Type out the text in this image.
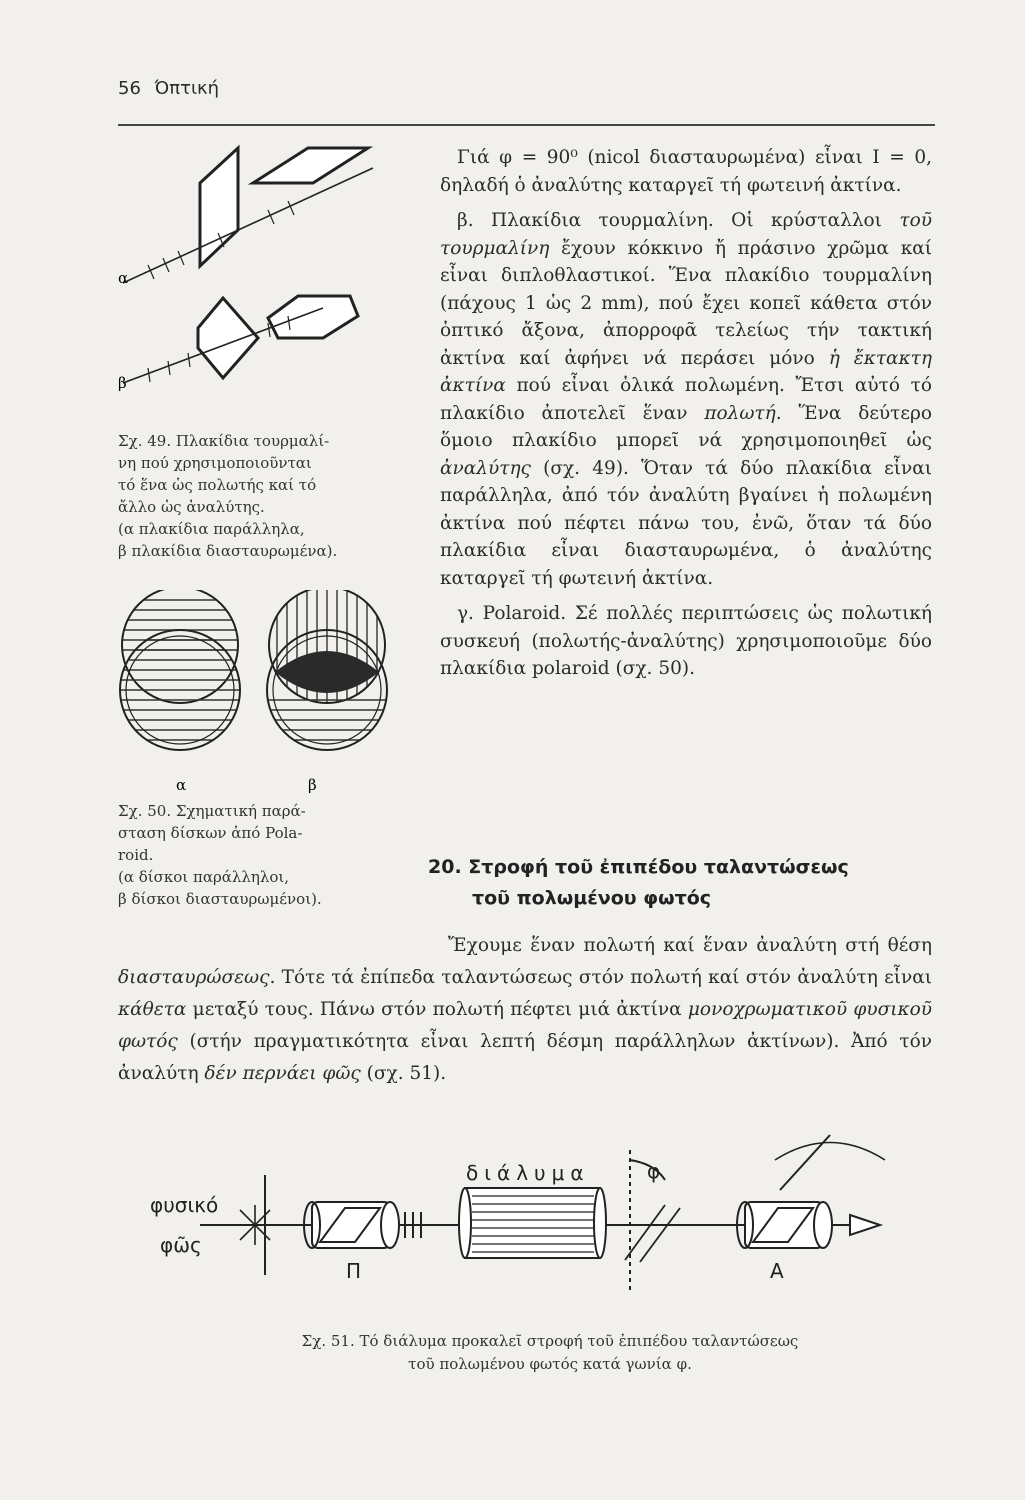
56 Όπτική
α
β
Σχ. 49. Πλακίδια τουρμαλί-
νη πού χρησιμοποιοῦνται
τό ἕνα ὡς πολωτής καί τό
ἄλλο ὡς ἀναλύτης.
(α πλακίδια παράλληλα,
β πλακίδια διασταυρωμένα).
α	β
Σχ. 50. Σχηματική παρά-
σταση δίσκων ἀπό Pola-
roid.
(α δίσκοι παράλληλοι,
β δίσκοι διασταυρωμένοι).

Γιά φ = 90⁰ (nicol διασταυρωμένα) εἶναι I = 0, δηλαδή ὁ ἀναλύτης καταργεῖ τή φωτεινή ἀκτίνα.

β. Πλακίδια τουρμαλίνη. Οἱ κρύσταλλοι τοῦ τουρμαλίνη ἔχουν κόκκινο ἤ πράσινο χρῶμα καί εἶναι διπλοθλαστικοί. Ἕνα πλακίδιο τουρμαλίνη (πάχους 1 ὡς 2 mm), πού ἔχει κοπεῖ κάθετα στόν ὀπτικό ἄξονα, ἀπορροφᾶ τελείως τήν τακτική ἀκτίνα καί ἀφήνει νά περάσει μόνο ἡ ἔκτακτη ἀκτίνα πού εἶναι ὁλικά πολωμένη. Ἔτσι αὐτό τό πλακίδιο ἀποτελεῖ ἕναν πολωτή. Ἕνα δεύτερο ὅμοιο πλακίδιο μπορεῖ νά χρησιμοποιηθεῖ ὡς ἀναλύτης (σχ. 49). Ὅταν τά δύο πλακίδια εἶναι παράλληλα, ἀπό τόν ἀναλύτη βγαίνει ἡ πολωμένη ἀκτίνα πού πέφτει πάνω του, ἐνῶ, ὅταν τά δύο πλακίδια εἶναι διασταυρωμένα, ὁ ἀναλύτης καταργεῖ τή φωτεινή ἀκτίνα.

γ. Polaroid. Σέ πολλές περιπτώσεις ὡς πολωτική συσκευή (πολωτής-ἀναλύτης) χρησιμοποιοῦμε δύο πλακίδια polaroid (σχ. 50).

20. Στροφή τοῦ ἐπιπέδου ταλαντώσεως
τοῦ πολωμένου φωτός
Ἔχουμε ἕναν πολωτή καί ἕναν ἀναλύτη στή θέση διασταυρώσεως. Τότε τά ἐπίπεδα ταλαντώσεως στόν πολωτή καί στόν ἀναλύτη εἶναι κάθετα μεταξύ τους. Πάνω στόν πολωτή πέφτει μιά ἀκτίνα μονοχρωματικοῦ φυσικοῦ φωτός (στήν πραγματικότητα εἶναι λεπτή δέσμη παράλληλων ἀκτίνων). Ἀπό τόν ἀναλύτη δέν περνάει φῶς (σχ. 51).
φυσικό
φῶς
Π
διάλυμα	φ
A
Σχ. 51. Τό διάλυμα προκαλεῖ στροφή τοῦ ἐπιπέδου ταλαντώσεως
τοῦ πολωμένου φωτός κατά γωνία φ.
